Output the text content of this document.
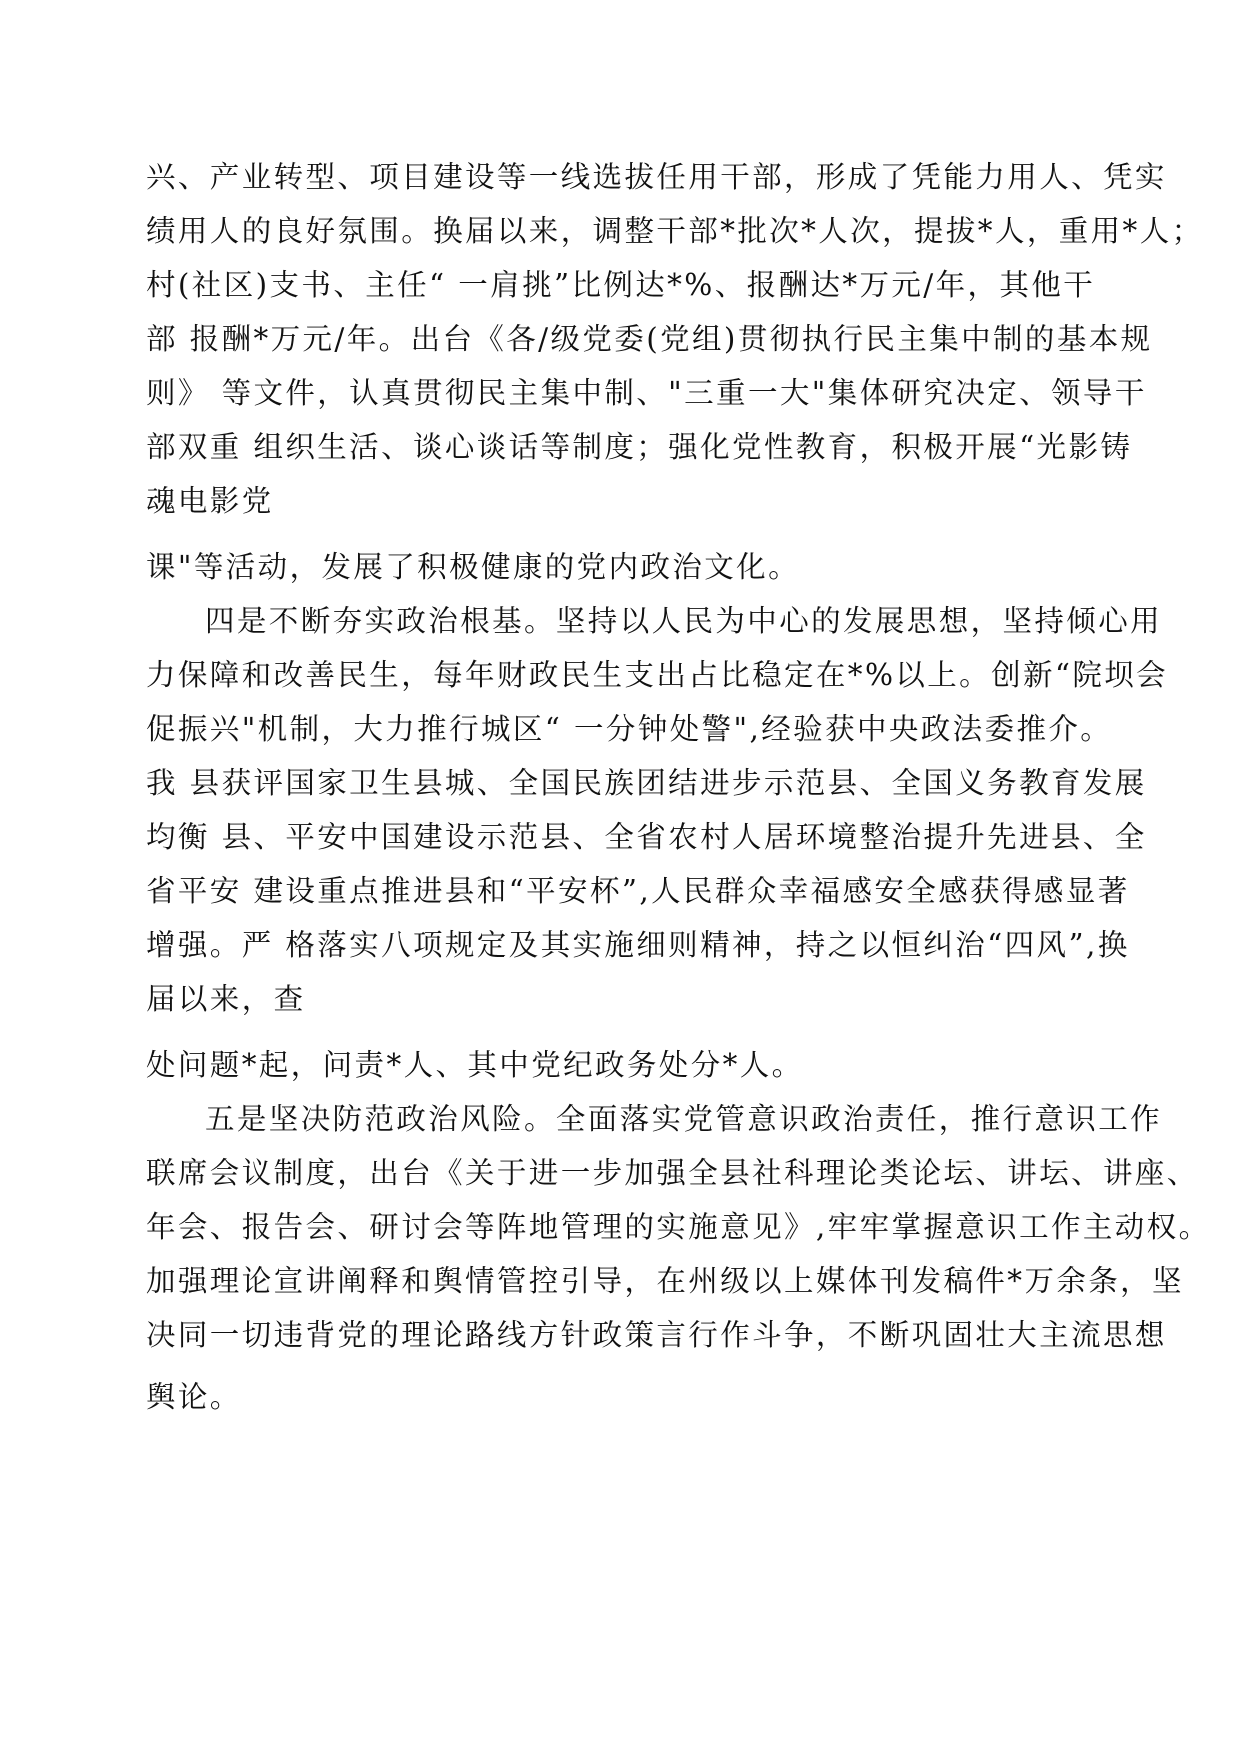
兴、产业转型、项目建设等一线选拔任用干部，形成了凭能力用人、凭实
绩用人的良好氛围。换届以来，调整干部*批次*人次，提拔*人，重用*人；
村(社区)支书、主任“ 一肩挑”比例达*%、报酬达*万元/年，其他干
部 报酬*万元/年。出台《各/级党委(党组)贯彻执行民主集中制的基本规
则》 等文件，认真贯彻民主集中制、"三重一大"集体研究决定、领导干
部双重 组织生活、谈心谈话等制度；强化党性教育，积极开展“光影铸
魂电影党
课"等活动，发展了积极健康的党内政治文化。
四是不断夯实政治根基。坚持以人民为中心的发展思想，坚持倾心用
力保障和改善民生，每年财政民生支出占比稳定在*%以上。创新“院坝会
促振兴"机制，大力推行城区“ 一分钟处警",经验获中央政法委推介。
我 县获评国家卫生县城、全国民族团结进步示范县、全国义务教育发展
均衡 县、平安中国建设示范县、全省农村人居环境整治提升先进县、全
省平安 建设重点推进县和“平安杯”,人民群众幸福感安全感获得感显著
增强。严 格落实八项规定及其实施细则精神，持之以恒纠治“四风”,换
届以来，查
处问题*起，问责*人、其中党纪政务处分*人。
五是坚决防范政治风险。全面落实党管意识政治责任，推行意识工作
联席会议制度，出台《关于进一步加强全县社科理论类论坛、讲坛、讲座、
年会、报告会、研讨会等阵地管理的实施意见》,牢牢掌握意识工作主动权。
加强理论宣讲阐释和舆情管控引导，在州级以上媒体刊发稿件*万余条，坚
决同一切违背党的理论路线方针政策言行作斗争，不断巩固壮大主流思想
舆论。
